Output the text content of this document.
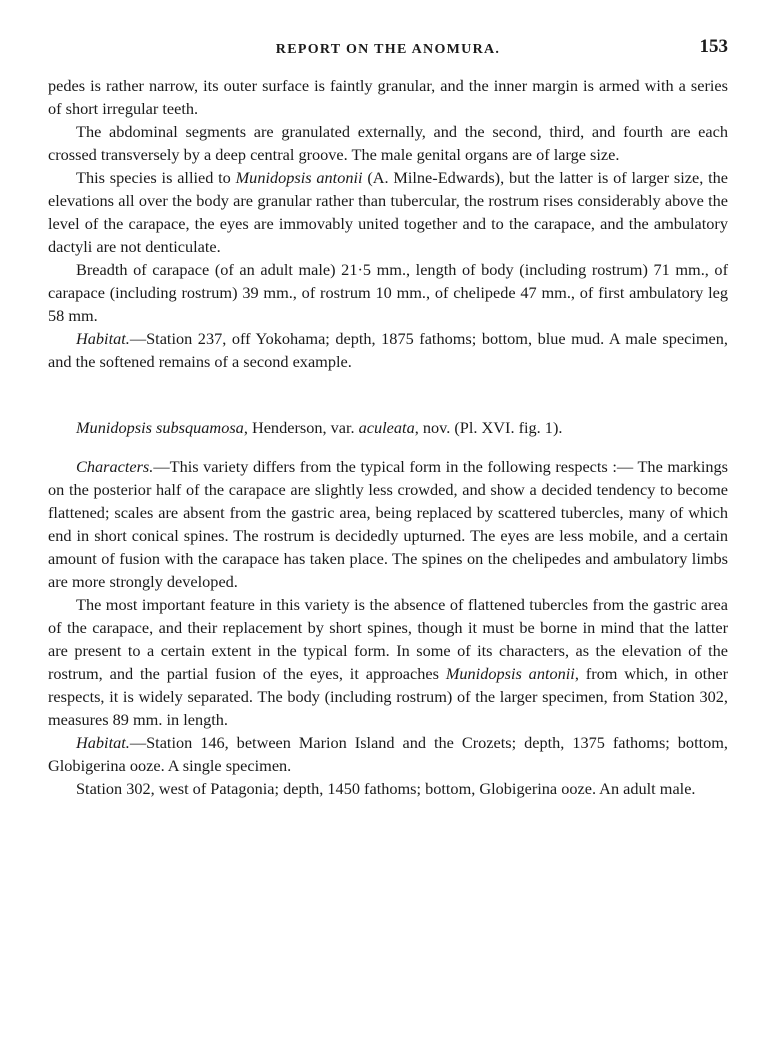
REPORT ON THE ANOMURA.	153

pedes is rather narrow, its outer surface is faintly granular, and the inner margin is armed with a series of short irregular teeth.

The abdominal segments are granulated externally, and the second, third, and fourth are each crossed transversely by a deep central groove. The male genital organs are of large size.

This species is allied to Munidopsis antonii (A. Milne-Edwards), but the latter is of larger size, the elevations all over the body are granular rather than tubercular, the rostrum rises considerably above the level of the carapace, the eyes are immovably united together and to the carapace, and the ambulatory dactyli are not denticulate.

Breadth of carapace (of an adult male) 21·5 mm., length of body (including rostrum) 71 mm., of carapace (including rostrum) 39 mm., of rostrum 10 mm., of chelipede 47 mm., of first ambulatory leg 58 mm.

Habitat.—Station 237, off Yokohama; depth, 1875 fathoms; bottom, blue mud. A male specimen, and the softened remains of a second example.

Munidopsis subsquamosa, Henderson, var. aculeata, nov. (Pl. XVI. fig. 1).

Characters.—This variety differs from the typical form in the following respects :— The markings on the posterior half of the carapace are slightly less crowded, and show a decided tendency to become flattened; scales are absent from the gastric area, being replaced by scattered tubercles, many of which end in short conical spines. The rostrum is decidedly upturned. The eyes are less mobile, and a certain amount of fusion with the carapace has taken place. The spines on the chelipedes and ambulatory limbs are more strongly developed.

The most important feature in this variety is the absence of flattened tubercles from the gastric area of the carapace, and their replacement by short spines, though it must be borne in mind that the latter are present to a certain extent in the typical form. In some of its characters, as the elevation of the rostrum, and the partial fusion of the eyes, it approaches Munidopsis antonii, from which, in other respects, it is widely separated. The body (including rostrum) of the larger specimen, from Station 302, measures 89 mm. in length.

Habitat.—Station 146, between Marion Island and the Crozets; depth, 1375 fathoms; bottom, Globigerina ooze. A single specimen.

Station 302, west of Patagonia; depth, 1450 fathoms; bottom, Globigerina ooze. An adult male.
